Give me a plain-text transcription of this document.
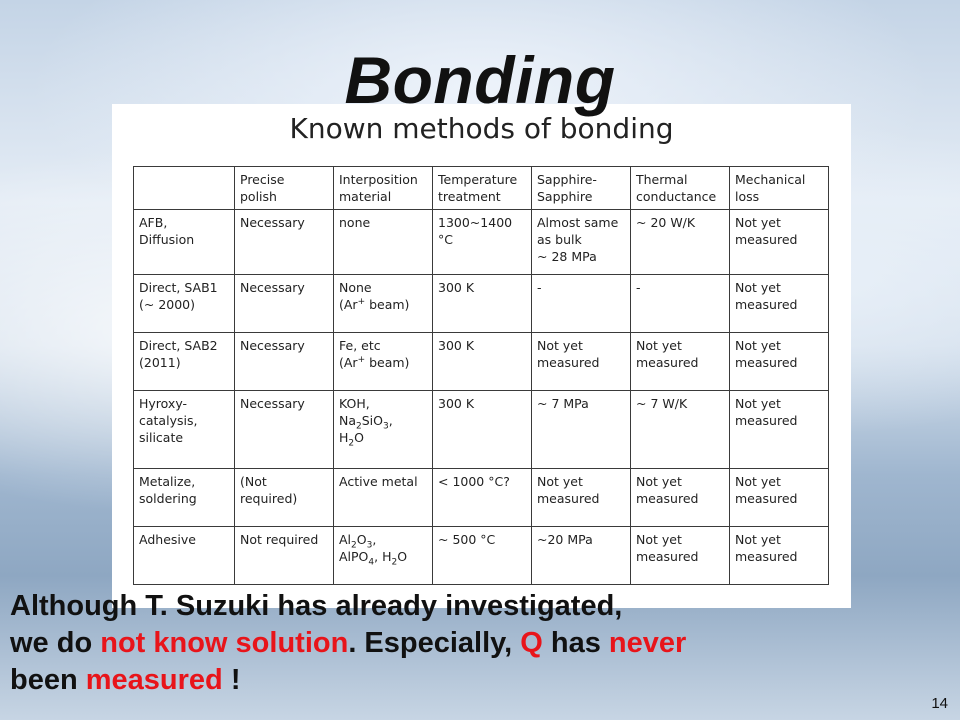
Bonding
Known methods of bonding

	Precise
polish	Interposition
material	Temperature
treatment	Sapphire-
Sapphire	Thermal
conductance	Mechanical
loss

AFB,
Diffusion	Necessary	none	1300~1400
°C	Almost same
as bulk
~ 28 MPa	~ 20 W/K	Not yet
measured

Direct, SAB1
(~ 2000)	Necessary	None
(Ar+ beam)	300 K	-	-	Not yet
measured

Direct, SAB2
(2011)	Necessary	Fe, etc
(Ar+ beam)	300 K	Not yet
measured	Not yet
measured	Not yet
measured

Hyroxy-
catalysis,
silicate	Necessary	KOH,
$Na_2SiO_3$,
$H_2O$	300 K	~ 7 MPa	~ 7 W/K	Not yet
measured

Metalize,
soldering	(Not
required)	Active metal	< 1000 °C?	Not yet
measured	Not yet
measured	Not yet
measured

Adhesive	Not required	$Al_2O_3$,
AlPO$_4$, $H_2O$	~ 500 °C	~20 MPa	Not yet
measured	Not yet
measured
Although T. Suzuki has already investigated,
we do not know solution. Especially, Q has never
been measured !
14
